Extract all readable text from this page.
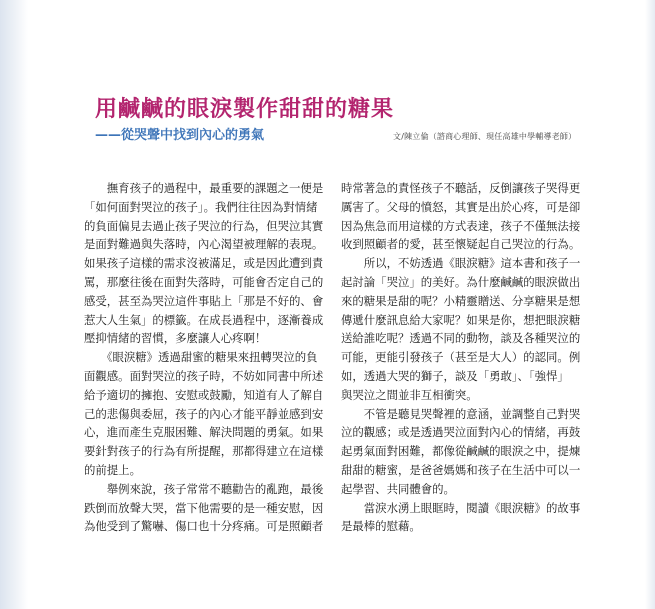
用鹹鹹的眼淚製作甜甜的糖果
——從哭聲中找到內心的勇氣	文/陳立倫（諮商心理師、現任高雄中學輔導老師）
　　撫育孩子的過程中，最重要的課題之一便是
「如何面對哭泣的孩子」。我們往往因為對情緒
的負面偏見去過止孩子哭泣的行為，但哭泣其實
是面對難過與失落時，內心渴望被理解的表現。
如果孩子這樣的需求沒被滿足，或是因此遭到責
罵，那麼往後在面對失落時，可能會否定自己的
感受，甚至為哭泣這件事貼上「那是不好的、會
惹大人生氣」的標籤。在成長過程中，逐漸養成
壓抑情緒的習慣，多麼讓人心疼啊！
　　《眼淚糖》透過甜蜜的糖果來扭轉哭泣的負
面觀感。面對哭泣的孩子時，不妨如同書中所述
給予適切的擁抱、安慰或鼓勵，知道有人了解自
己的悲傷與委屈，孩子的內心才能平靜並感到安
心，進而產生克服困難、解決問題的勇氣。如果
要針對孩子的行為有所提醒，那都得建立在這樣
的前提上。
　　舉例來說，孩子常常不聽勸告的亂跑，最後
跌倒而放聲大哭，當下他需要的是一種安慰，因
為他受到了驚嚇、傷口也十分疼痛。可是照顧者
時常著急的責怪孩子不聽話，反倒讓孩子哭得更
厲害了。父母的憤怒，其實是出於心疼，可是卻
因為焦急而用這樣的方式表達，孩子不僅無法接
收到照顧者的愛，甚至懷疑起自己哭泣的行為。
　　所以，不妨透過《眼淚糖》這本書和孩子一
起討論「哭泣」的美好。為什麼鹹鹹的眼淚做出
來的糖果是甜的呢？小精靈贈送、分享糖果是想
傳遞什麼訊息給大家呢？如果是你，想把眼淚糖
送給誰吃呢？透過不同的動物，談及各種哭泣的
可能，更能引發孩子（甚至是大人）的認同。例
如，透過大哭的獅子，談及「勇敢」、「強悍」
與哭泣之間並非互相衝突。
　　不管是聽見哭聲裡的意涵，並調整自己對哭
泣的觀感；或是透過哭泣面對內心的情緒，再鼓
起勇氣面對困難，都像從鹹鹹的眼淚之中，提煉
甜甜的糖蜜，是爸爸媽媽和孩子在生活中可以一
起學習、共同體會的。
　　當淚水湧上眼眶時，閱讀《眼淚糖》的故事
是最棒的慰藉。
